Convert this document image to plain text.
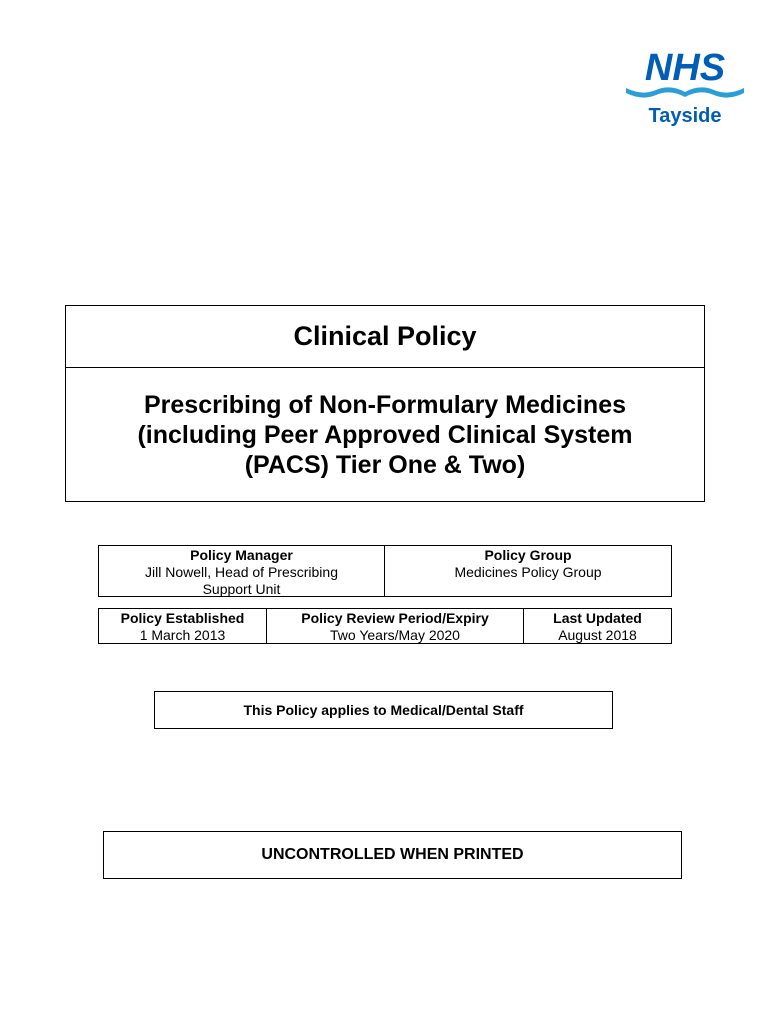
NHS
Tayside
Clinical Policy
Prescribing of Non-Formulary Medicines
(including Peer Approved Clinical System
(PACS) Tier One & Two)
Policy Manager
Jill Nowell, Head of Prescribing Support Unit
Policy Group
Medicines Policy Group
Policy Established
1 March 2013
Policy Review Period/Expiry
Two Years/May 2020
Last Updated
August 2018
This Policy applies to Medical/Dental Staff
UNCONTROLLED WHEN PRINTED
